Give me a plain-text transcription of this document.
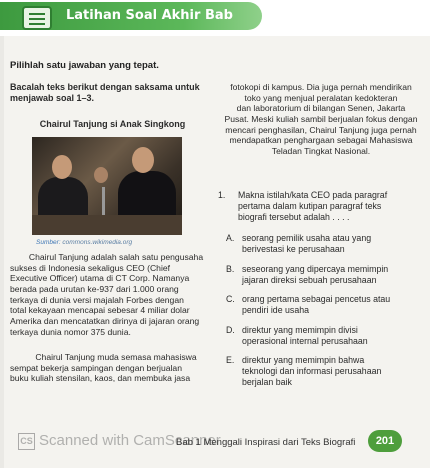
Latihan Soal Akhir Bab
Pilihlah satu jawaban yang tepat.
Bacalah teks berikut dengan saksama untuk
menjawab soal 1–3.
Chairul Tanjung si Anak Singkong
Sumber: commons.wikimedia.org
Chairul Tanjung adalah salah satu pengusaha
sukses di Indonesia sekaligus CEO (Chief
Executive Officer) utama di CT Corp. Namanya
berada pada urutan ke-937 dari 1.000 orang
terkaya di dunia versi majalah Forbes dengan
total kekayaan mencapai sebesar 4 miliar dolar
Amerika dan mencatatkan dirinya di jajaran orang
terkaya dunia nomor 375 dunia.
Chairul Tanjung muda semasa mahasiswa
sempat bekerja sampingan dengan berjualan
buku kuliah stensilan, kaos, dan membuka jasa
fotokopi di kampus. Dia juga pernah mendirikan
toko yang menjual peralatan kedokteran
dan laboratorium di bilangan Senen, Jakarta
Pusat. Meski kuliah sambil berjualan fokus dengan
mencari penghasilan, Chairul Tanjung juga pernah
mendapatkan penghargaan sebagai Mahasiswa
Teladan Tingkat Nasional.
1. Makna istilah/kata CEO pada paragraf
pertama dalam kutipan paragraf teks
biografi tersebut adalah . . . .
A. seorang pemilik usaha atau yang
berivestasi ke perusahaan
B. seseorang yang dipercaya memimpin
jajaran direksi sebuah perusahaan
C. orang pertama sebagai pencetus atau
pendiri ide usaha
D. direktur yang memimpin divisi
operasional internal perusahaan
E. direktur yang memimpin bahwa
teknologi dan informasi perusahaan
berjalan baik
CS Scanned with CamScanner
Bab 1 Menggali Inspirasi dari Teks Biografi	201
